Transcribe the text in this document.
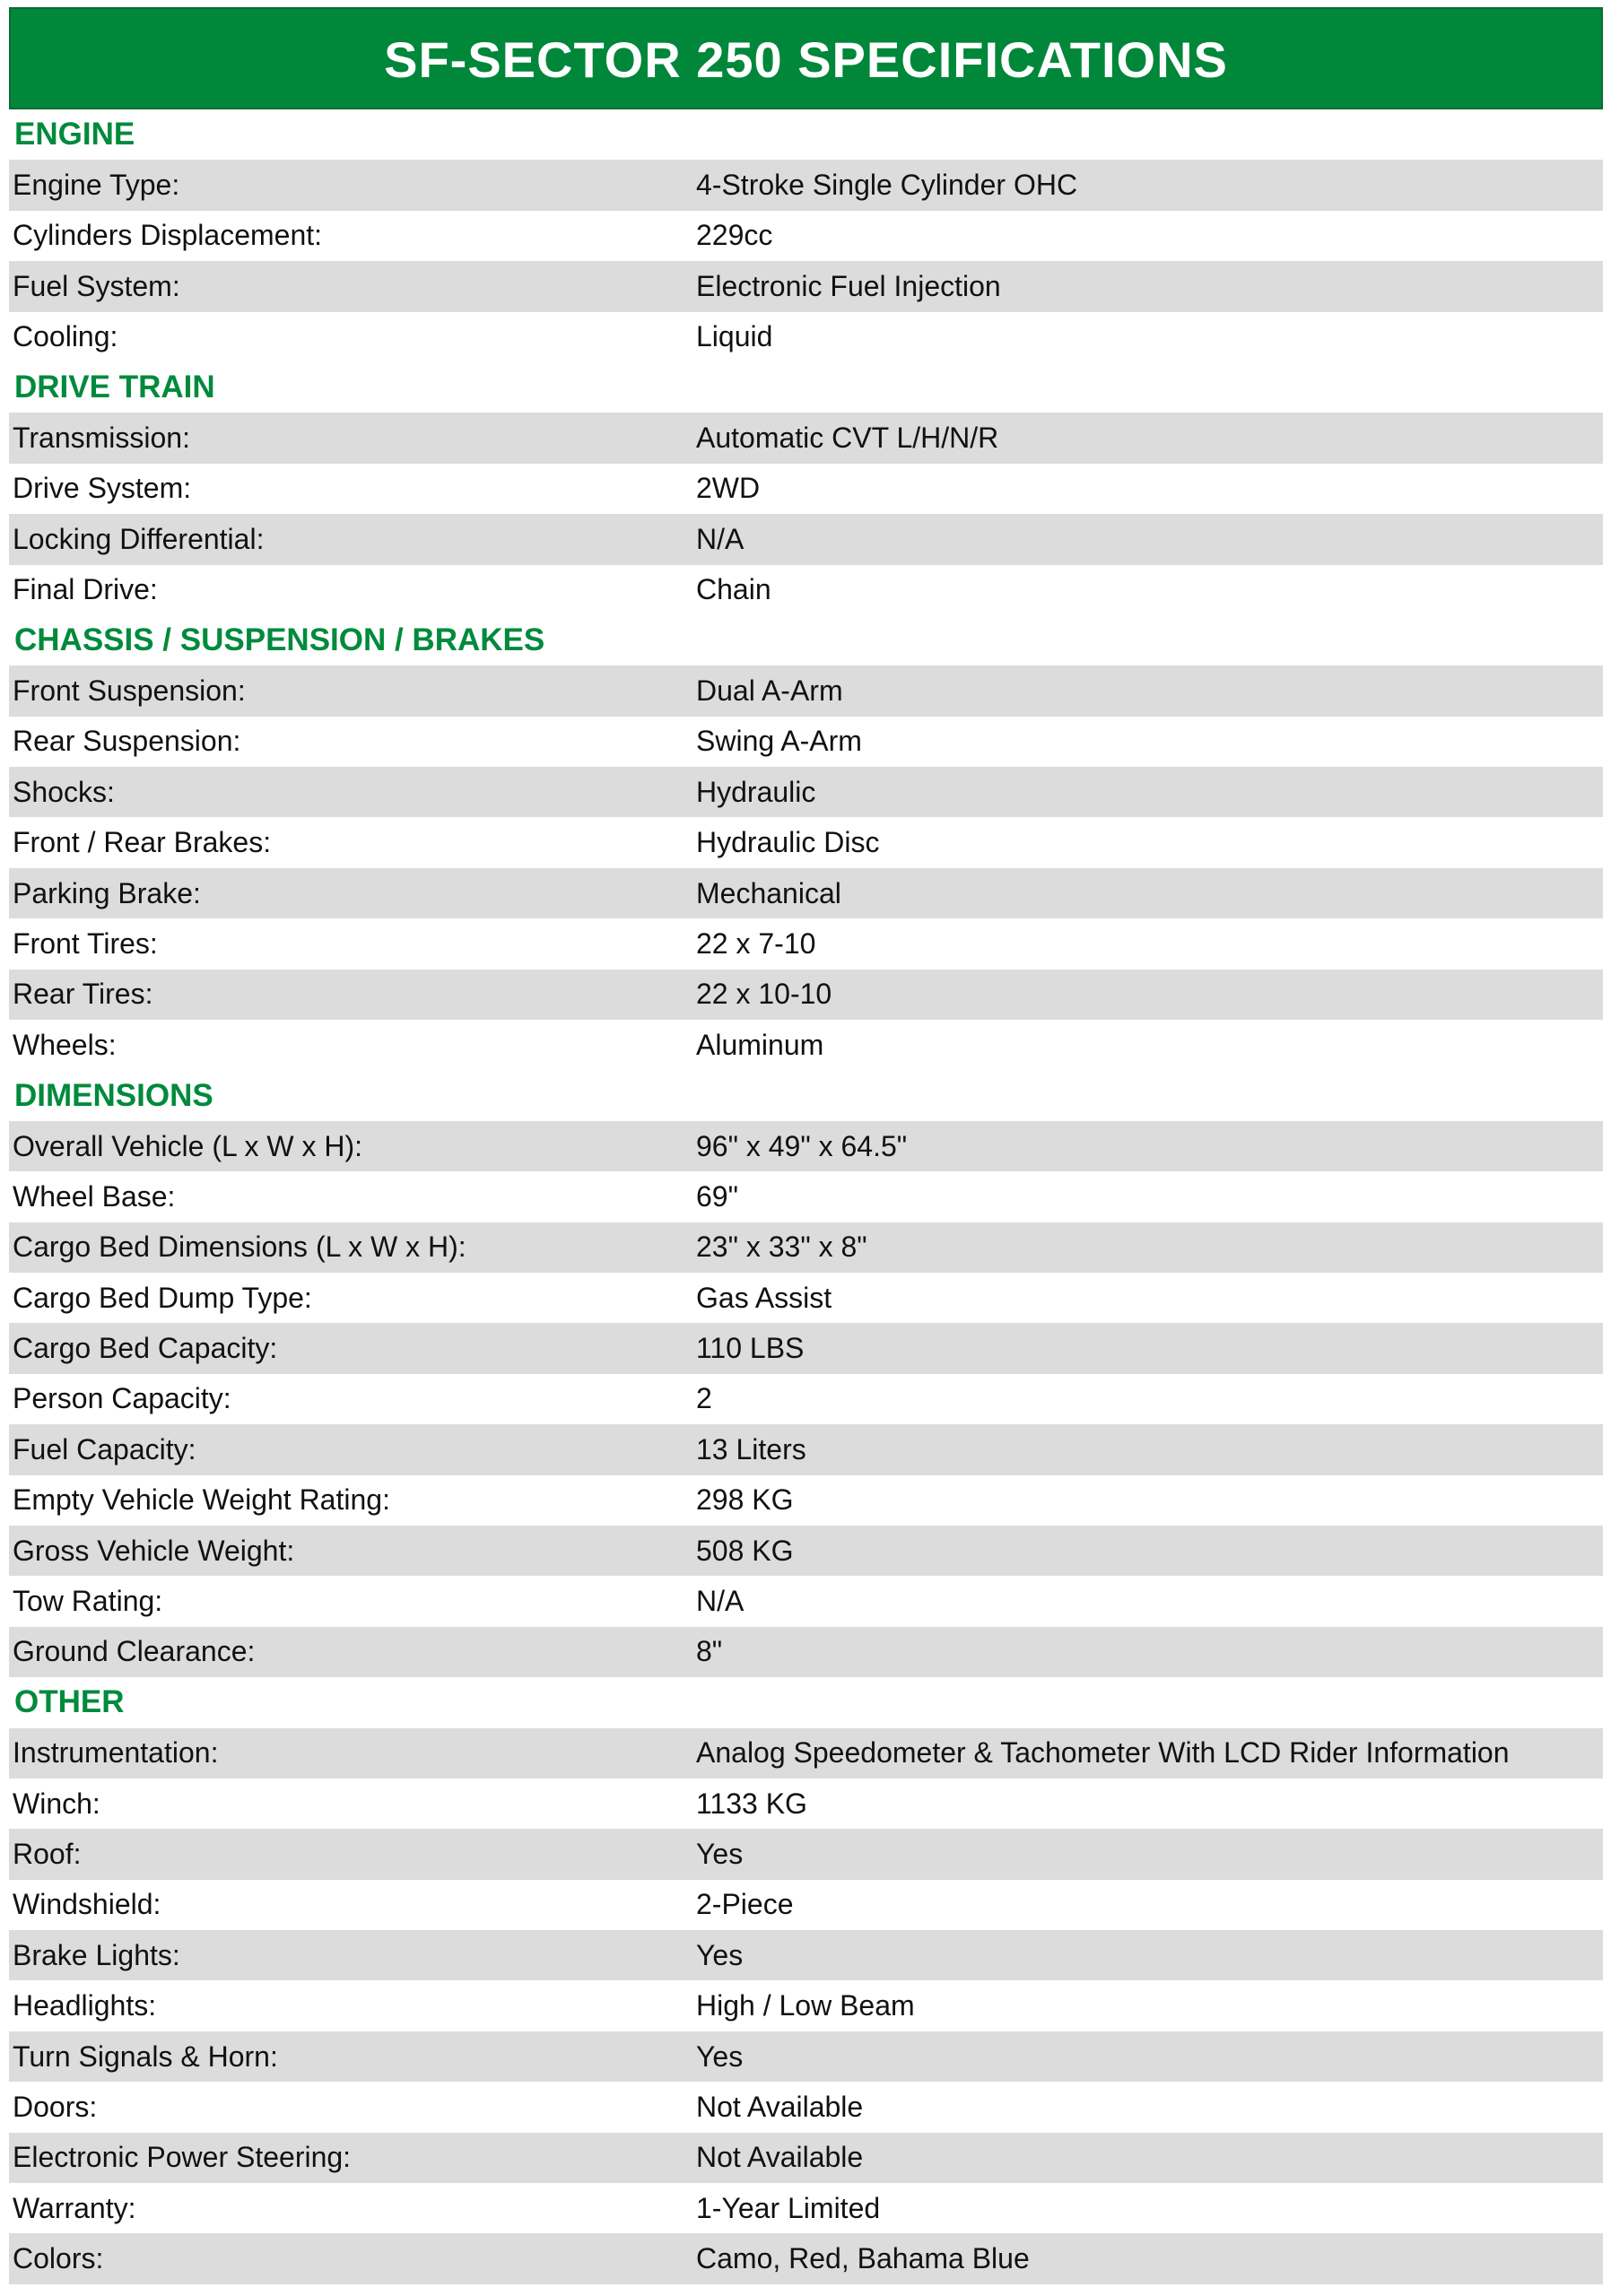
SF-SECTOR 250 SPECIFICATIONS
ENGINE
Engine Type:	4-Stroke Single Cylinder OHC
Cylinders Displacement:	229cc
Fuel System:	Electronic Fuel Injection
Cooling:	Liquid
DRIVE TRAIN
Transmission:	Automatic CVT L/H/N/R
Drive System:	2WD
Locking Differential:	N/A
Final Drive:	Chain
CHASSIS / SUSPENSION / BRAKES
Front Suspension:	Dual A-Arm
Rear Suspension:	Swing A-Arm
Shocks:	Hydraulic
Front / Rear Brakes:	Hydraulic Disc
Parking Brake:	Mechanical
Front Tires:	22 x 7-10
Rear Tires:	22 x 10-10
Wheels:	Aluminum
DIMENSIONS
Overall Vehicle (L x W x H):	96" x 49" x 64.5"
Wheel Base:	69"
Cargo Bed Dimensions (L x W x H):	23" x 33" x 8"
Cargo Bed Dump Type:	Gas Assist
Cargo Bed Capacity:	110 LBS
Person Capacity:	2
Fuel Capacity:	13 Liters
Empty Vehicle Weight Rating:	298 KG
Gross Vehicle Weight:	508 KG
Tow Rating:	N/A
Ground Clearance:	8"
OTHER
Instrumentation:	Analog Speedometer & Tachometer With LCD Rider Information
Winch:	1133 KG
Roof:	Yes
Windshield:	2-Piece
Brake Lights:	Yes
Headlights:	High / Low Beam
Turn Signals & Horn:	Yes
Doors:	Not Available
Electronic Power Steering:	Not Available
Warranty:	1-Year Limited
Colors:	Camo, Red, Bahama Blue
